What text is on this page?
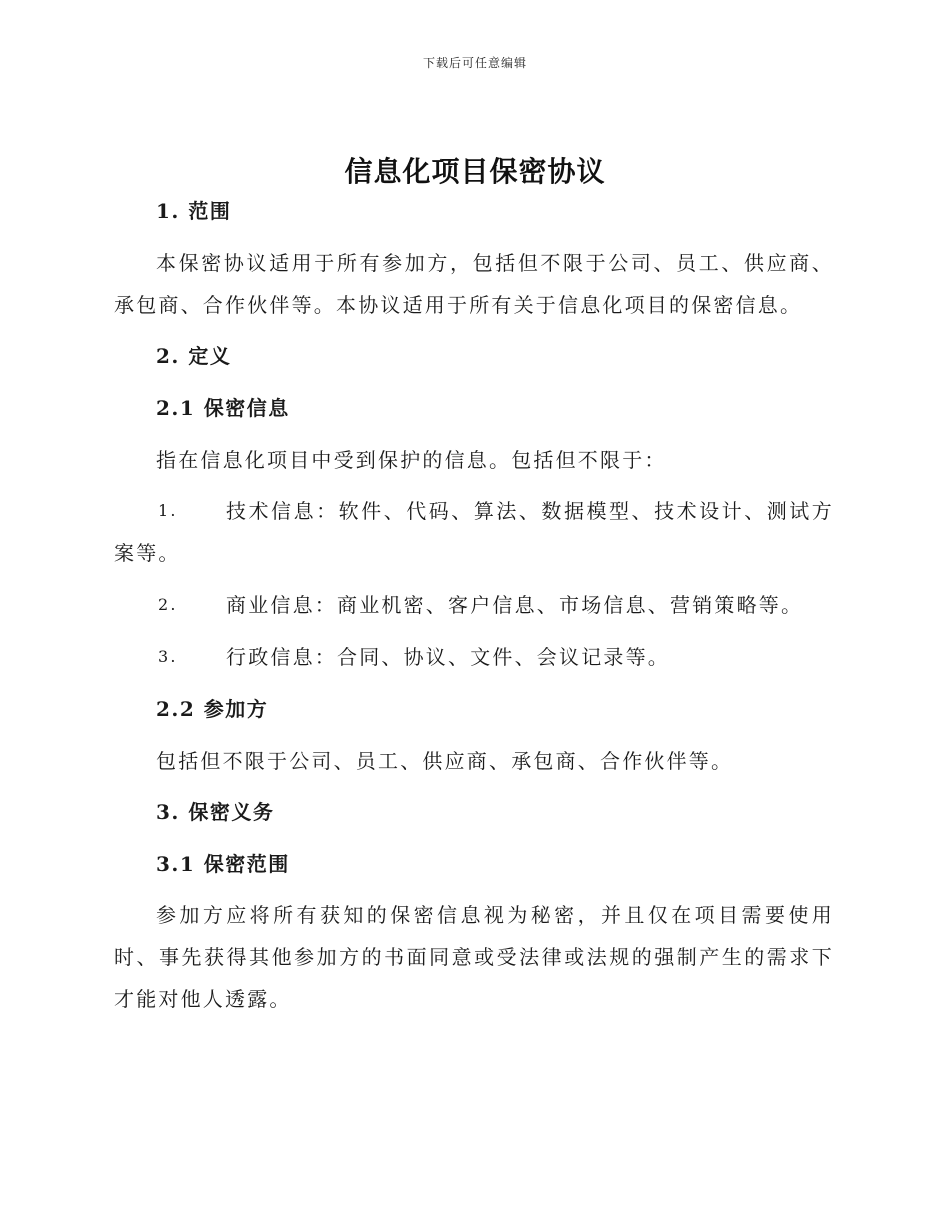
下载后可任意编辑
信息化项目保密协议
1. 范围
本保密协议适用于所有参加方，包括但不限于公司、员工、供应商、承包商、合作伙伴等。本协议适用于所有关于信息化项目的保密信息。
2. 定义
2.1 保密信息
指在信息化项目中受到保护的信息。包括但不限于：
1.	技术信息：软件、代码、算法、数据模型、技术设计、测试方案等。
2.	商业信息：商业机密、客户信息、市场信息、营销策略等。
3.	行政信息：合同、协议、文件、会议记录等。
2.2 参加方
包括但不限于公司、员工、供应商、承包商、合作伙伴等。
3. 保密义务
3.1 保密范围
参加方应将所有获知的保密信息视为秘密，并且仅在项目需要使用时、事先获得其他参加方的书面同意或受法律或法规的强制产生的需求下才能对他人透露。
